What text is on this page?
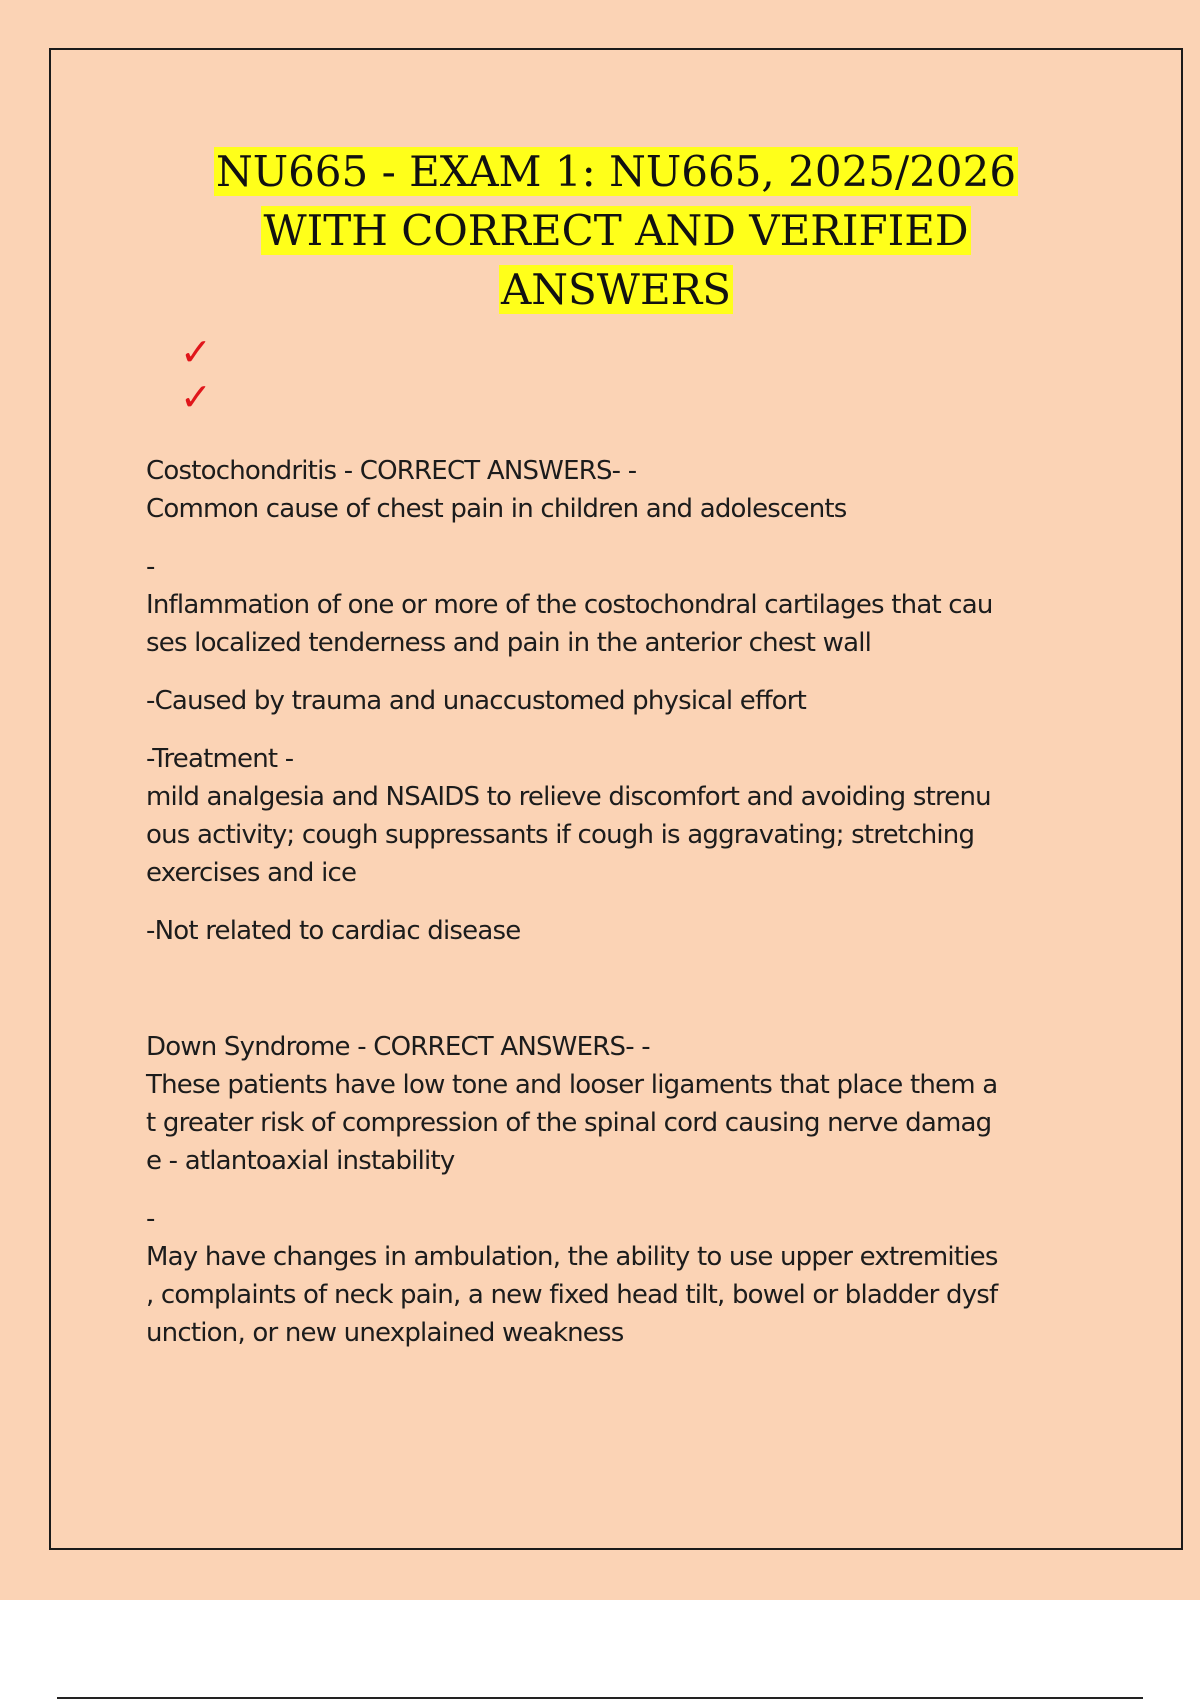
NU665 - EXAM 1: NU665, 2025/2026
WITH CORRECT AND VERIFIED
ANSWERS
✓
✓

Costochondritis - CORRECT ANSWERS- -
Common cause of chest pain in children and adolescents

-
Inflammation of one or more of the costochondral cartilages that cau
ses localized tenderness and pain in the anterior chest wall

-Caused by trauma and unaccustomed physical effort

-Treatment -
mild analgesia and NSAIDS to relieve discomfort and avoiding strenu
ous activity; cough suppressants if cough is aggravating; stretching
exercises and ice

-Not related to cardiac disease

Down Syndrome - CORRECT ANSWERS- -
These patients have low tone and looser ligaments that place them a
t greater risk of compression of the spinal cord causing nerve damag
e - atlantoaxial instability

-
May have changes in ambulation, the ability to use upper extremities
, complaints of neck pain, a new fixed head tilt, bowel or bladder dysf
unction, or new unexplained weakness
